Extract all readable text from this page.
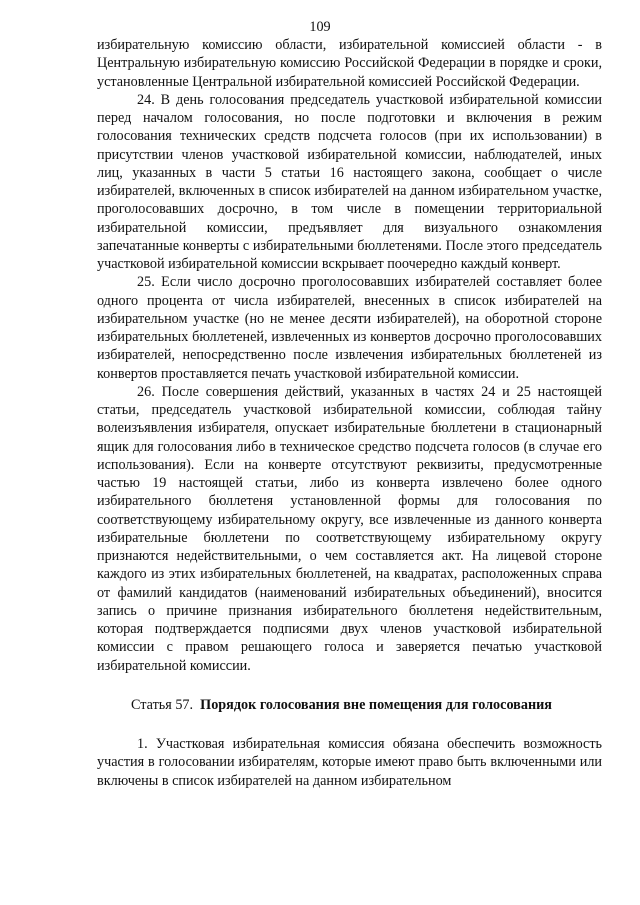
109

избирательную комиссию области, избирательной комиссией области - в Центральную избирательную комиссию Российской Федерации в порядке и сроки, установленные Центральной избирательной комиссией Российской Федерации.

24. В день голосования председатель участковой избирательной комиссии перед началом голосования, но после подготовки и включения в режим голосования технических средств подсчета голосов (при их использовании) в присутствии членов участковой избирательной комиссии, наблюдателей, иных лиц, указанных в части 5 статьи 16 настоящего закона, сообщает о числе избирателей, включенных в список избирателей на данном избирательном участке, проголосовавших досрочно, в том числе в помещении территориальной избирательной комиссии, предъявляет для визуального ознакомления запечатанные конверты с избирательными бюллетенями. После этого председатель участковой избирательной комиссии вскрывает поочередно каждый конверт.

25. Если число досрочно проголосовавших избирателей составляет более одного процента от числа избирателей, внесенных в список избирателей на избирательном участке (но не менее десяти избирателей), на оборотной стороне избирательных бюллетеней, извлеченных из конвертов досрочно проголосовавших избирателей, непосредственно после извлечения избирательных бюллетеней из конвертов проставляется печать участковой избирательной комиссии.

26. После совершения действий, указанных в частях 24 и 25 настоящей статьи, председатель участковой избирательной комиссии, соблюдая тайну волеизъявления избирателя, опускает избирательные бюллетени в стационарный ящик для голосования либо в техническое средство подсчета голосов (в случае его использования). Если на конверте отсутствуют реквизиты, предусмотренные частью 19 настоящей статьи, либо из конверта извлечено более одного избирательного бюллетеня установленной формы для голосования по соответствующему избирательному округу, все извлеченные из данного конверта избирательные бюллетени по соответствующему избирательному округу признаются недействительными, о чем составляется акт. На лицевой стороне каждого из этих избирательных бюллетеней, на квадратах, расположенных справа от фамилий кандидатов (наименований избирательных объединений), вносится запись о причине признания избирательного бюллетеня недействительным, которая подтверждается подписями двух членов участковой избирательной комиссии с правом решающего голоса и заверяется печатью участковой избирательной комиссии.

Статья 57. Порядок голосования вне помещения для голосования

1. Участковая избирательная комиссия обязана обеспечить возможность участия в голосовании избирателям, которые имеют право быть включенными или включены в список избирателей на данном избирательном
